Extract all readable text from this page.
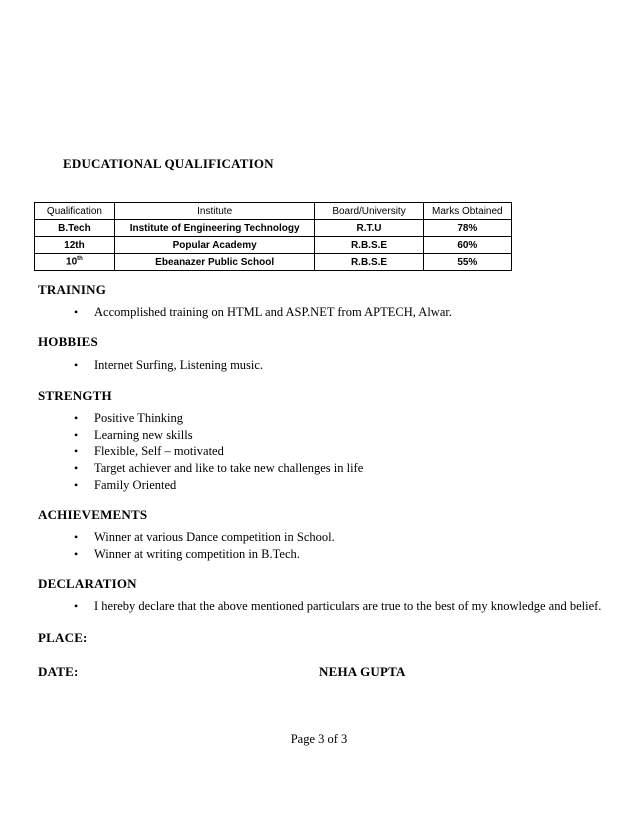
EDUCATIONAL QUALIFICATION
Qualification	Institute	Board/University	Marks Obtained
B.Tech	Institute of Engineering Technology	R.T.U	78%
12th	Popular Academy	R.B.S.E	60%
10th	Ebeanazer Public School	R.B.S.E	55%
TRAINING
• Accomplished training on HTML and ASP.NET from APTECH, Alwar.
HOBBIES
• Internet Surfing, Listening music.
STRENGTH
• Positive Thinking
• Learning new skills
• Flexible, Self – motivated
• Target achiever and like to take new challenges in life
• Family Oriented
ACHIEVEMENTS
• Winner at various Dance competition in School.
• Winner at writing competition in B.Tech.
DECLARATION
• I hereby declare that the above mentioned particulars are true to the best of my knowledge and belief.
PLACE:
DATE:	NEHA GUPTA
Page 3 of 3
